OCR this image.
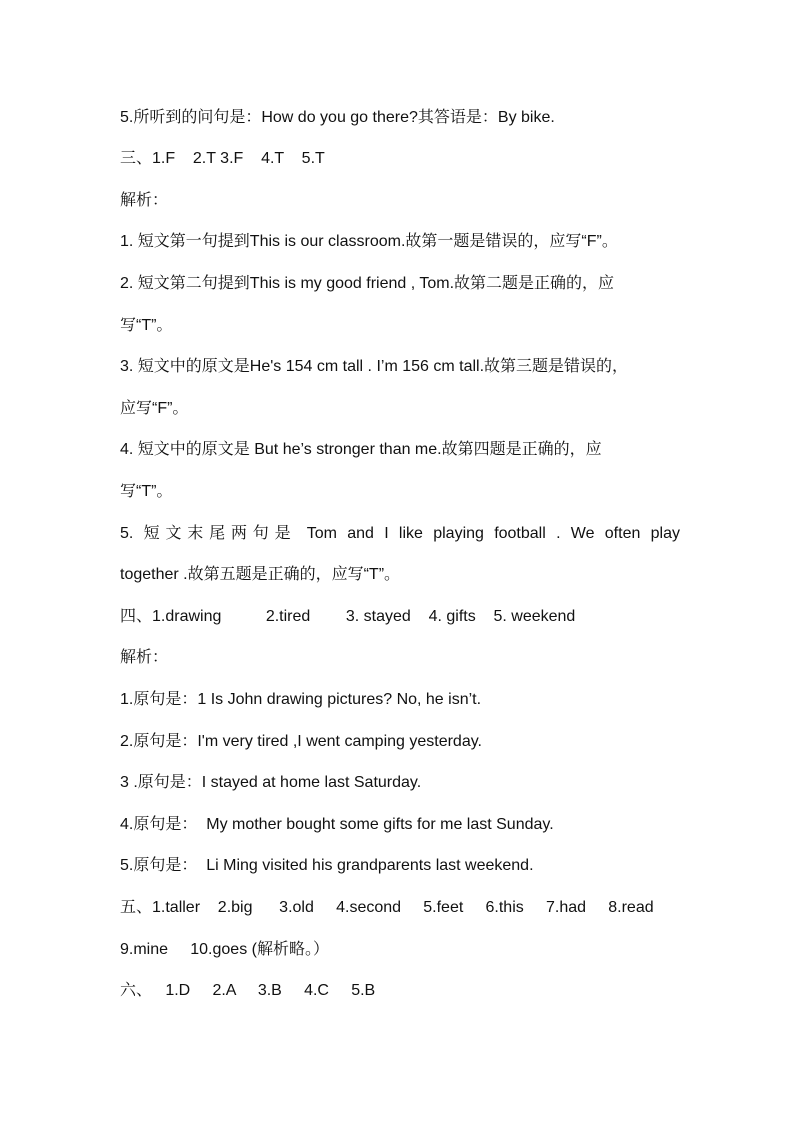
5.所听到的问句是：How do you go there?其答语是：By bike.
三、1.F    2.T 3.F    4.T    5.T
解析：
1. 短文第一句提到This is our classroom.故第一题是错误的，应写“F”。
2. 短文第二句提到This is my good friend , Tom.故第二题是正确的，应
写“T”。
3. 短文中的原文是He's 154 cm tall . I’m 156 cm tall.故第三题是错误的，
应写“F”。
4. 短文中的原文是 But he’s stronger than me.故第四题是正确的，应
写“T”。
5. 短文末尾两句是 Tom and I like playing football . We often play
together .故第五题是正确的，应写“T”。
四、1.drawing          2.tired        3. stayed    4. gifts    5. weekend
解析：
1.原句是：1 Is John drawing pictures? No, he isn’t.
2.原句是：I'm very tired ,I went camping yesterday.
3 .原句是：I stayed at home last Saturday.
4.原句是：  My mother bought some gifts for me last Sunday.
5.原句是：  Li Ming visited his grandparents last weekend.
五、1.taller    2.big      3.old     4.second     5.feet     6.this     7.had     8.read
9.mine     10.goes (解析略。）
六、   1.D     2.A     3.B     4.C     5.B
